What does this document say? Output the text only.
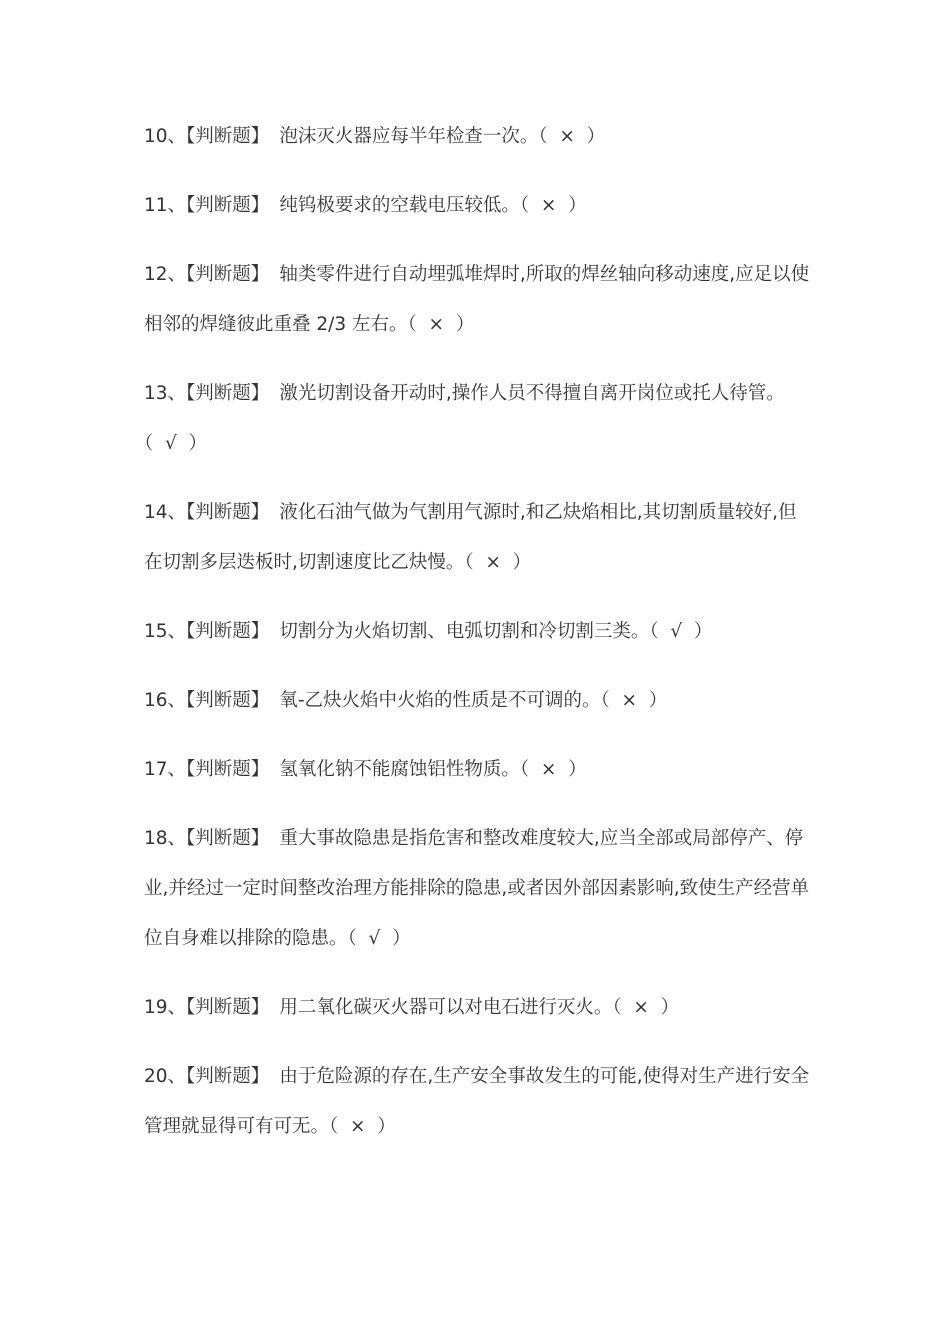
10、【判断题】 泡沫灭火器应每半年检查一次。（  ×  ）
11、【判断题】 纯钨极要求的空载电压较低。（  ×  ）
12、【判断题】 轴类零件进行自动埋弧堆焊时,所取的焊丝轴向移动速度,应足以使相邻的焊缝彼此重叠 2/3 左右。（  ×  ）
13、【判断题】 激光切割设备开动时,操作人员不得擅自离开岗位或托人待管。（  √  ）
14、【判断题】 液化石油气做为气割用气源时,和乙炔焰相比,其切割质量较好,但在切割多层迭板时,切割速度比乙炔慢。（  ×  ）
15、【判断题】 切割分为火焰切割、电弧切割和冷切割三类。（  √  ）
16、【判断题】 氧-乙炔火焰中火焰的性质是不可调的。（  ×  ）
17、【判断题】 氢氧化钠不能腐蚀铝性物质。（  ×  ）
18、【判断题】 重大事故隐患是指危害和整改难度较大,应当全部或局部停产、停业,并经过一定时间整改治理方能排除的隐患,或者因外部因素影响,致使生产经营单位自身难以排除的隐患。（  √  ）
19、【判断题】 用二氧化碳灭火器可以对电石进行灭火。（  ×  ）
20、【判断题】 由于危险源的存在,生产安全事故发生的可能,使得对生产进行安全管理就显得可有可无。（  ×  ）
